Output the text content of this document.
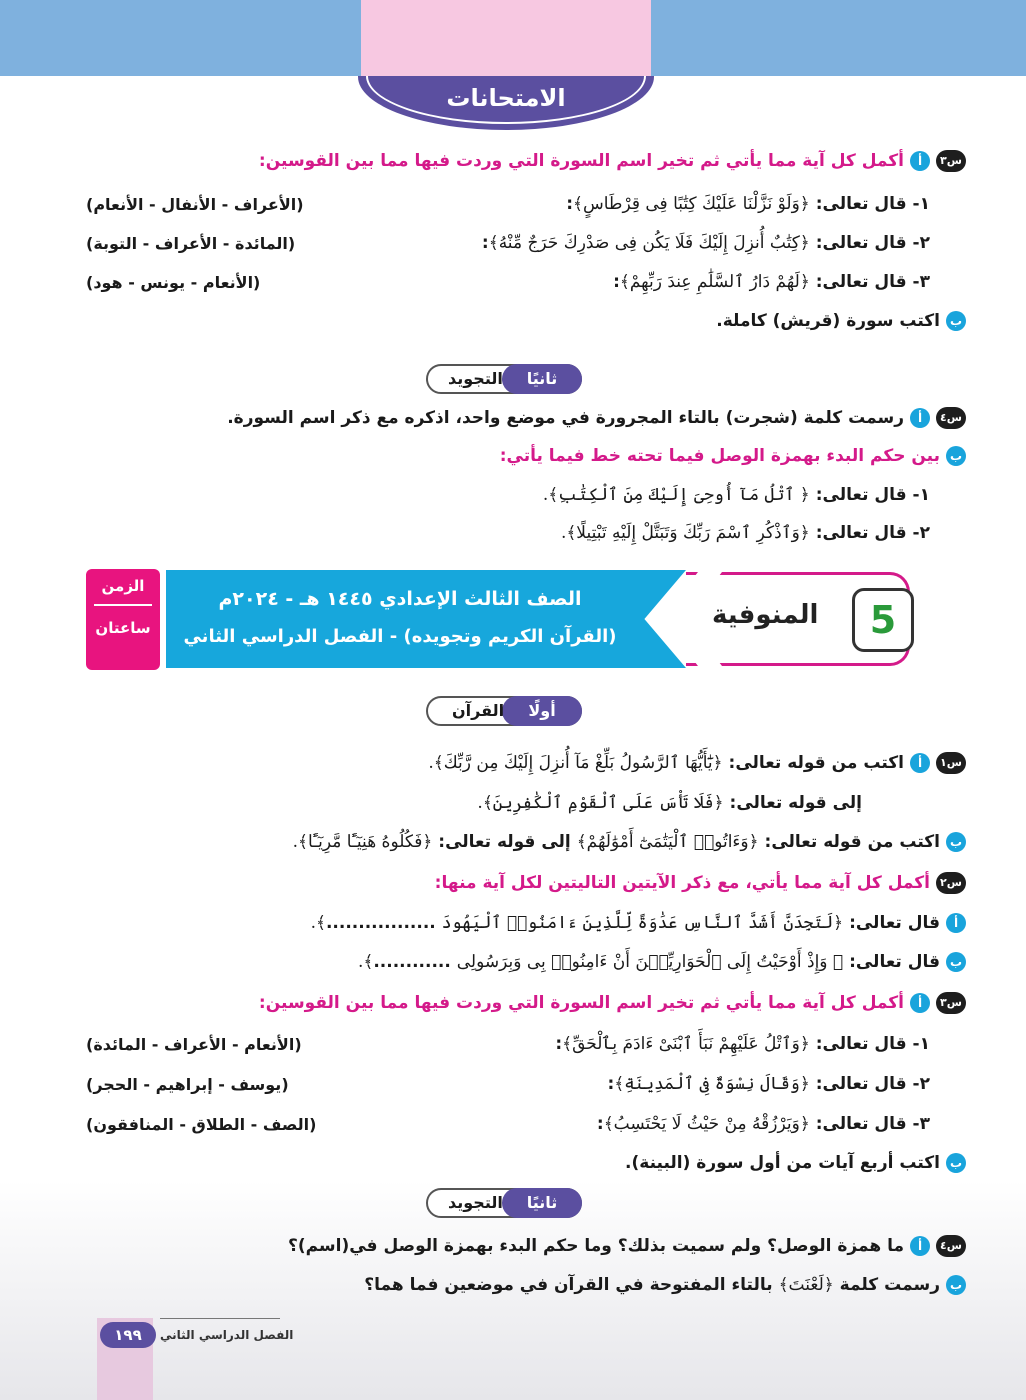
الامتحانات
س٣أأكمل كل آية مما يأتي ثم تخير اسم السورة التي وردت فيها مما بين القوسين:
١- قال تعالى: ﴿وَلَوْ نَزَّلْنَا عَلَيْكَ كِتَٰبًا فِى قِرْطَاسٍ﴾:
(الأعراف - الأنفال - الأنعام)
٢- قال تعالى: ﴿كِتَٰبٌ أُنزِلَ إِلَيْكَ فَلَا يَكُن فِى صَدْرِكَ حَرَجٌ مِّنْهُ﴾:
(المائدة - الأعراف - التوبة)
٣- قال تعالى: ﴿لَهُمْ دَارُ ٱلسَّلَٰمِ عِندَ رَبِّهِمْ﴾:
(الأنعام - يونس - هود)
باكتب سورة (قريش) كاملة.
ثانيًا
التجويد
س٤أرسمت كلمة (شجرت) بالتاء المجرورة في موضع واحد، اذكره مع ذكر اسم السورة.
ببين حكم البدء بهمزة الوصل فيما تحته خط فيما يأتي:
١- قال تعالى: ﴿ ٱتْلُ مَآ أُوحِىَ إِلَيْكَ مِنَ ٱلْكِتَٰبِ﴾.
٢- قال تعالى: ﴿وَٱذْكُرِ ٱسْمَ رَبِّكَ وَتَبَتَّلْ إِلَيْهِ تَبْتِيلًا﴾.
الصف الثالث الإعدادي ١٤٤٥ هـ - ٢٠٢٤م
(القرآن الكريم وتجويده) - الفصل الدراسي الثاني
المنوفية	5
الزمن
ساعتان
أولًا
القرآن
س١أاكتب من قوله تعالى: ﴿يَٰٓأَيُّهَا ٱلرَّسُولُ بَلِّغْ مَآ أُنزِلَ إِلَيْكَ مِن رَّبِّكَ﴾.
إلى قوله تعالى: ﴿فَلَا تَأْسَ عَلَى ٱلْقَوْمِ ٱلْكَٰفِرِينَ﴾.
باكتب من قوله تعالى: ﴿وَءَاتُوا۟ ٱلْيَتَٰمَىٰٓ أَمْوَٰلَهُمْ﴾ إلى قوله تعالى: ﴿فَكُلُوهُ هَنِيٓـًٔا مَّرِيٓـًٔا﴾.
س٢أكمل كل آية مما يأتي، مع ذكر الآيتين التاليتين لكل آية منها:
أقال تعالى: ﴿لَتَجِدَنَّ أَشَدَّ ٱلنَّاسِ عَدَٰوَةً لِّلَّذِينَ ءَامَنُوا۟ ٱلْيَهُودَ .................﴾.
بقال تعالى: ﴿ وَإِذْ أَوْحَيْتُ إِلَى ٱلْحَوَارِيِّـۧنَ أَنْ ءَامِنُوا۟ بِى وَبِرَسُولِى ............﴾.
س٣أأكمل كل آية مما يأتي ثم تخير اسم السورة التي وردت فيها مما بين القوسين:
١- قال تعالى: ﴿وَٱتْلُ عَلَيْهِمْ نَبَأَ ٱبْنَىْ ءَادَمَ بِٱلْحَقِّ﴾:
(الأنعام - الأعراف - المائدة)
٢- قال تعالى: ﴿وَقَالَ نِسْوَةٌ فِى ٱلْمَدِينَةِ﴾:
(يوسف - إبراهيم - الحجر)
٣- قال تعالى: ﴿وَيَرْزُقْهُ مِنْ حَيْثُ لَا يَحْتَسِبُ﴾:
(الصف - الطلاق - المنافقون)
باكتب أربع آيات من أول سورة (البينة).
ثانيًا
التجويد
س٤أما همزة الوصل؟ ولم سميت بذلك؟ وما حكم البدء بهمزة الوصل في(اسم)؟
برسمت كلمة ﴿لَعْنَتَ﴾ بالتاء المفتوحة في القرآن في موضعين فما هما؟
١٩٩	الفصل الدراسي الثاني
